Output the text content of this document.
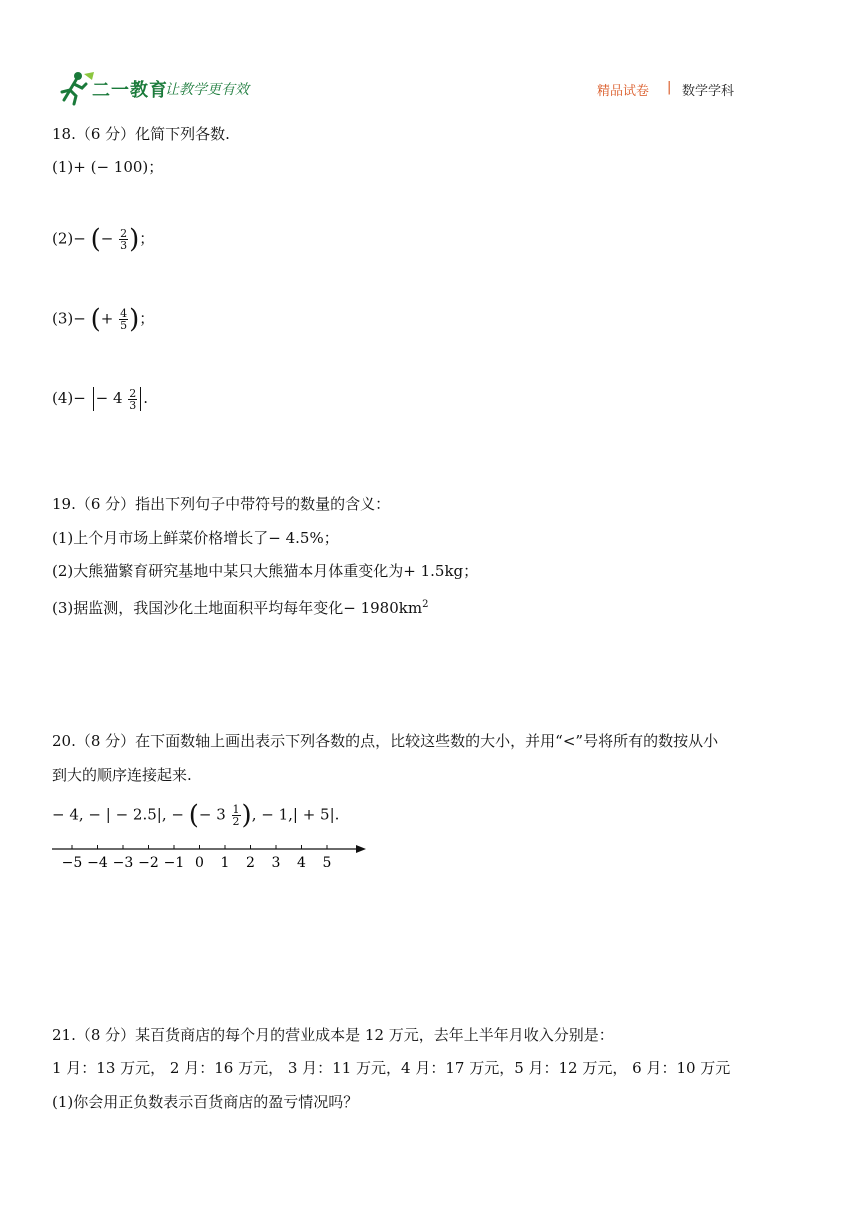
二一教育
让教学更有效	精品试卷 | 数学学科
18.（6 分）化简下列各数.
(1)+ (− 100)；
(2)− (− $\frac{2}{3}$ )；
(3)− (+ $\frac{4}{5}$ )；
$(4)- - 4 \frac{2}{3}$ .
19.（6 分）指出下列句子中带符号的数量的含义：
(1)上个月市场上鲜菜价格增长了− 4.5%；
(2)大熊猫繁育研究基地中某只大熊猫本月体重变化为+ 1.5kg；
(3)据监测，我国沙化土地面积平均每年变化− $1980km^2$
20.（8 分）在下面数轴上画出表示下列各数的点，比较这些数的大小，并用“<”号将所有的数按从小
到大的顺序连接起来.
− 4, − | − 2.5|, − (− $3 \frac{1}{2}$ ), − 1,| + 5|.
−5 −4 −3 −2 −1 0 1 2 3 4 5
21.（8 分）某百货商店的每个月的营业成本是 12 万元，去年上半年月收入分别是：
1 月：13 万元， 2 月：16 万元， 3 月：11 万元，4 月：17 万元，5 月：12 万元， 6 月：10 万元
(1)你会用正负数表示百货商店的盈亏情况吗？
